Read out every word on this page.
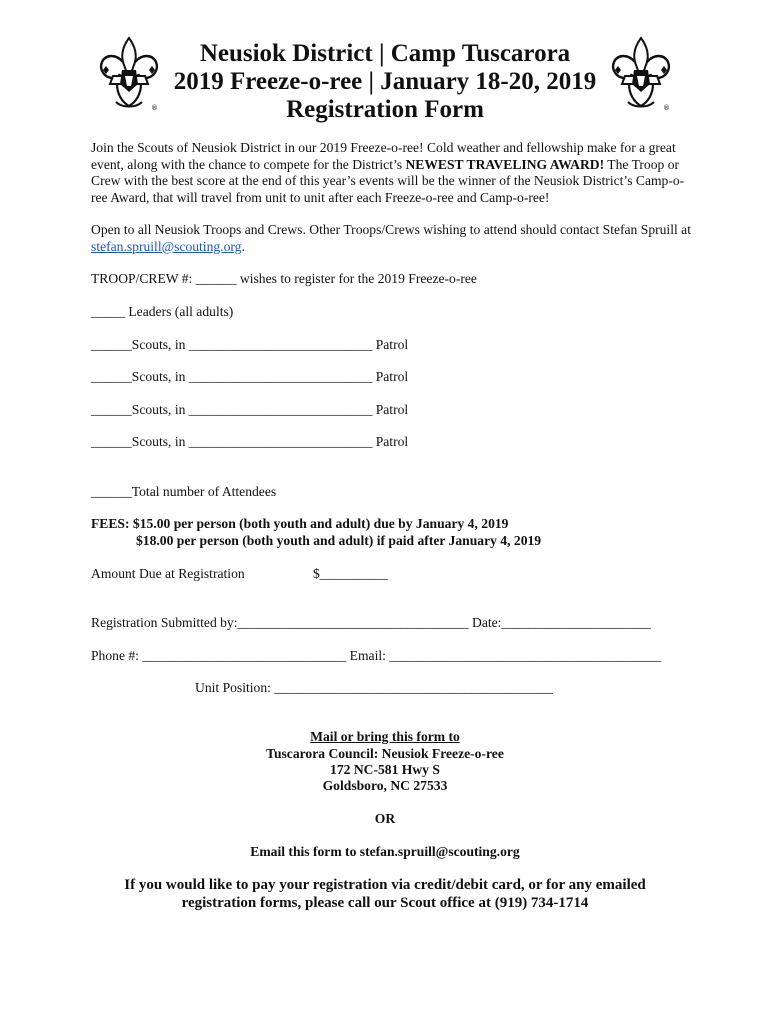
®	®
Neusiok District | Camp Tuscarora
2019 Freeze-o-ree | January 18-20, 2019
Registration Form
Join the Scouts of Neusiok District in our 2019 Freeze-o-ree! Cold weather and fellowship make for a great event, along with the chance to compete for the District’s NEWEST TRAVELING AWARD! The Troop or Crew with the best score at the end of this year’s events will be the winner of the Neusiok District’s Camp-o-ree Award, that will travel from unit to unit after each Freeze-o-ree and Camp-o-ree!
Open to all Neusiok Troops and Crews. Other Troops/Crews wishing to attend should contact Stefan Spruill at stefan.spruill@scouting.org.
TROOP/CREW #: ______ wishes to register for the 2019 Freeze-o-ree
_____ Leaders (all adults)
______Scouts, in ___________________________ Patrol
______Scouts, in ___________________________ Patrol
______Scouts, in ___________________________ Patrol
______Scouts, in ___________________________ Patrol
______Total number of Attendees
FEES: $15.00 per person (both youth and adult) due by January 4, 2019
$18.00 per person (both youth and adult) if paid after January 4, 2019
Amount Due at Registration	$__________
Registration Submitted by:__________________________________ Date:______________________
Phone #: ______________________________ Email: ________________________________________
Unit Position: _________________________________________
Mail or bring this form to
Tuscarora Council: Neusiok Freeze-o-ree
172 NC-581 Hwy S
Goldsboro, NC 27533
OR
Email this form to stefan.spruill@scouting.org
If you would like to pay your registration via credit/debit card, or for any emailed
registration forms, please call our Scout office at (919) 734-1714
